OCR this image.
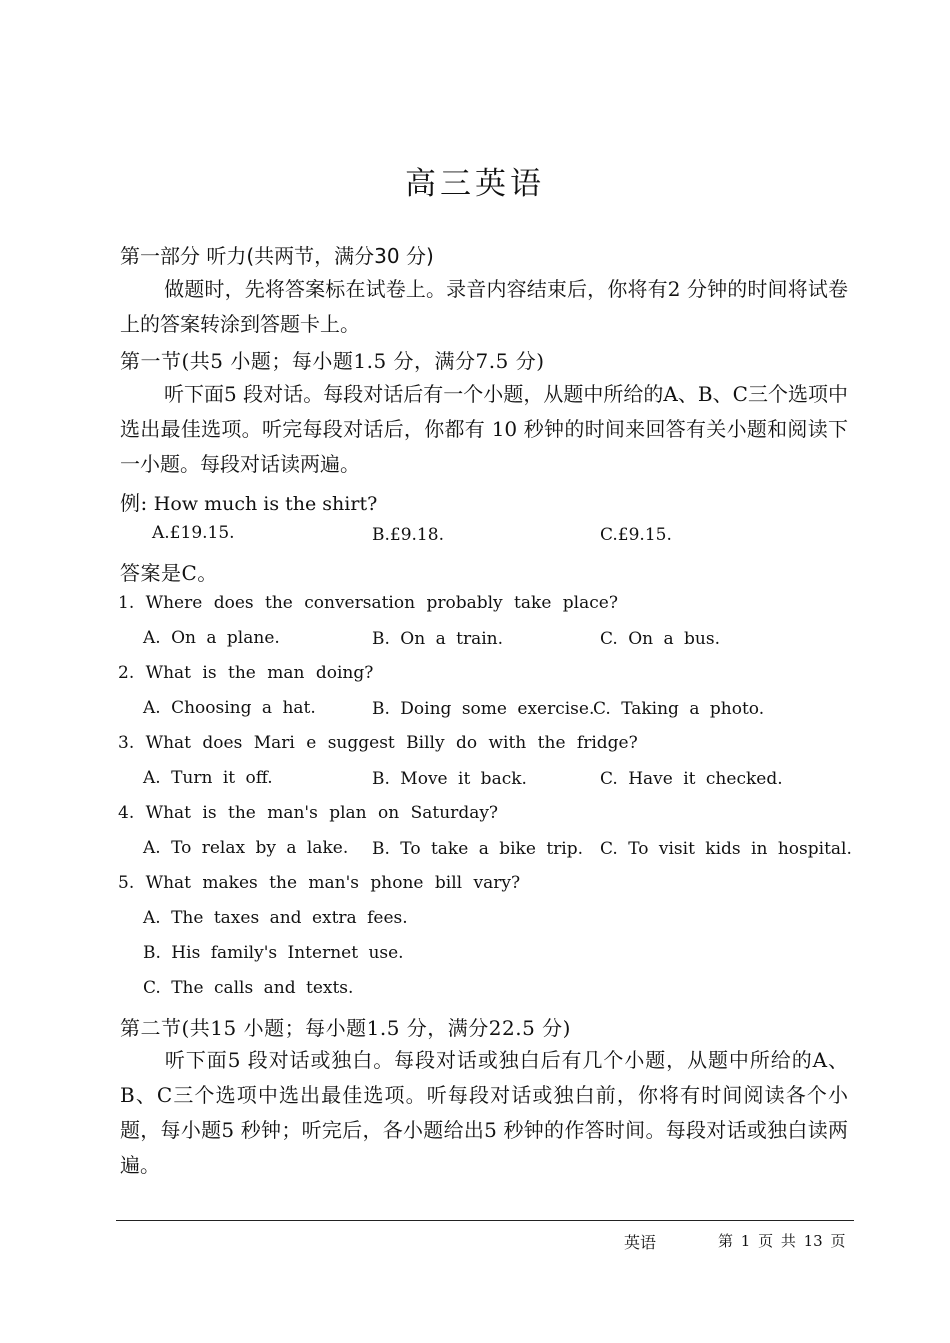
高三英语
第一部分 听力(共两节，满分30 分)
做题时，先将答案标在试卷上。录音内容结束后，你将有2 分钟的时间将试卷上的答案转涂到答题卡上。
第一节(共5 小题；每小题1.5 分，满分7.5 分)
听下面5 段对话。每段对话后有一个小题，从题中所给的A、B、C三个选项中选出最佳选项。听完每段对话后，你都有 10 秒钟的时间来回答有关小题和阅读下一小题。每段对话读两遍。
例: How much is the shirt?
A.£19.15.	B.£9.18.	C.£9.15.
答案是C。
1. Where does the conversation probably take place?
A. On a plane.	B. On a train.	C. On a bus.
2. What is the man doing?
A. Choosing a hat.	B. Doing some exercise.
C. Taking a photo.
3. What does Mari e suggest Billy do with the fridge?
A. Turn it off.	B. Move it back.	C. Have it checked.
4. What is the man's plan on Saturday?
A. To relax by a lake. B. To take a bike trip. C. To visit kids in hospital.
5. What makes the man's phone bill vary?
A. The taxes and extra fees.
B. His family's Internet use.
C. The calls and texts.
第二节(共15 小题；每小题1.5 分，满分22.5 分)
听下面5 段对话或独白。每段对话或独白后有几个小题，从题中所给的A、B、C三个选项中选出最佳选项。听每段对话或独白前，你将有时间阅读各个小题，每小题5 秒钟；听完后，各小题给出5 秒钟的作答时间。每段对话或独白读两遍。
英语	第 1 页 共 13 页
